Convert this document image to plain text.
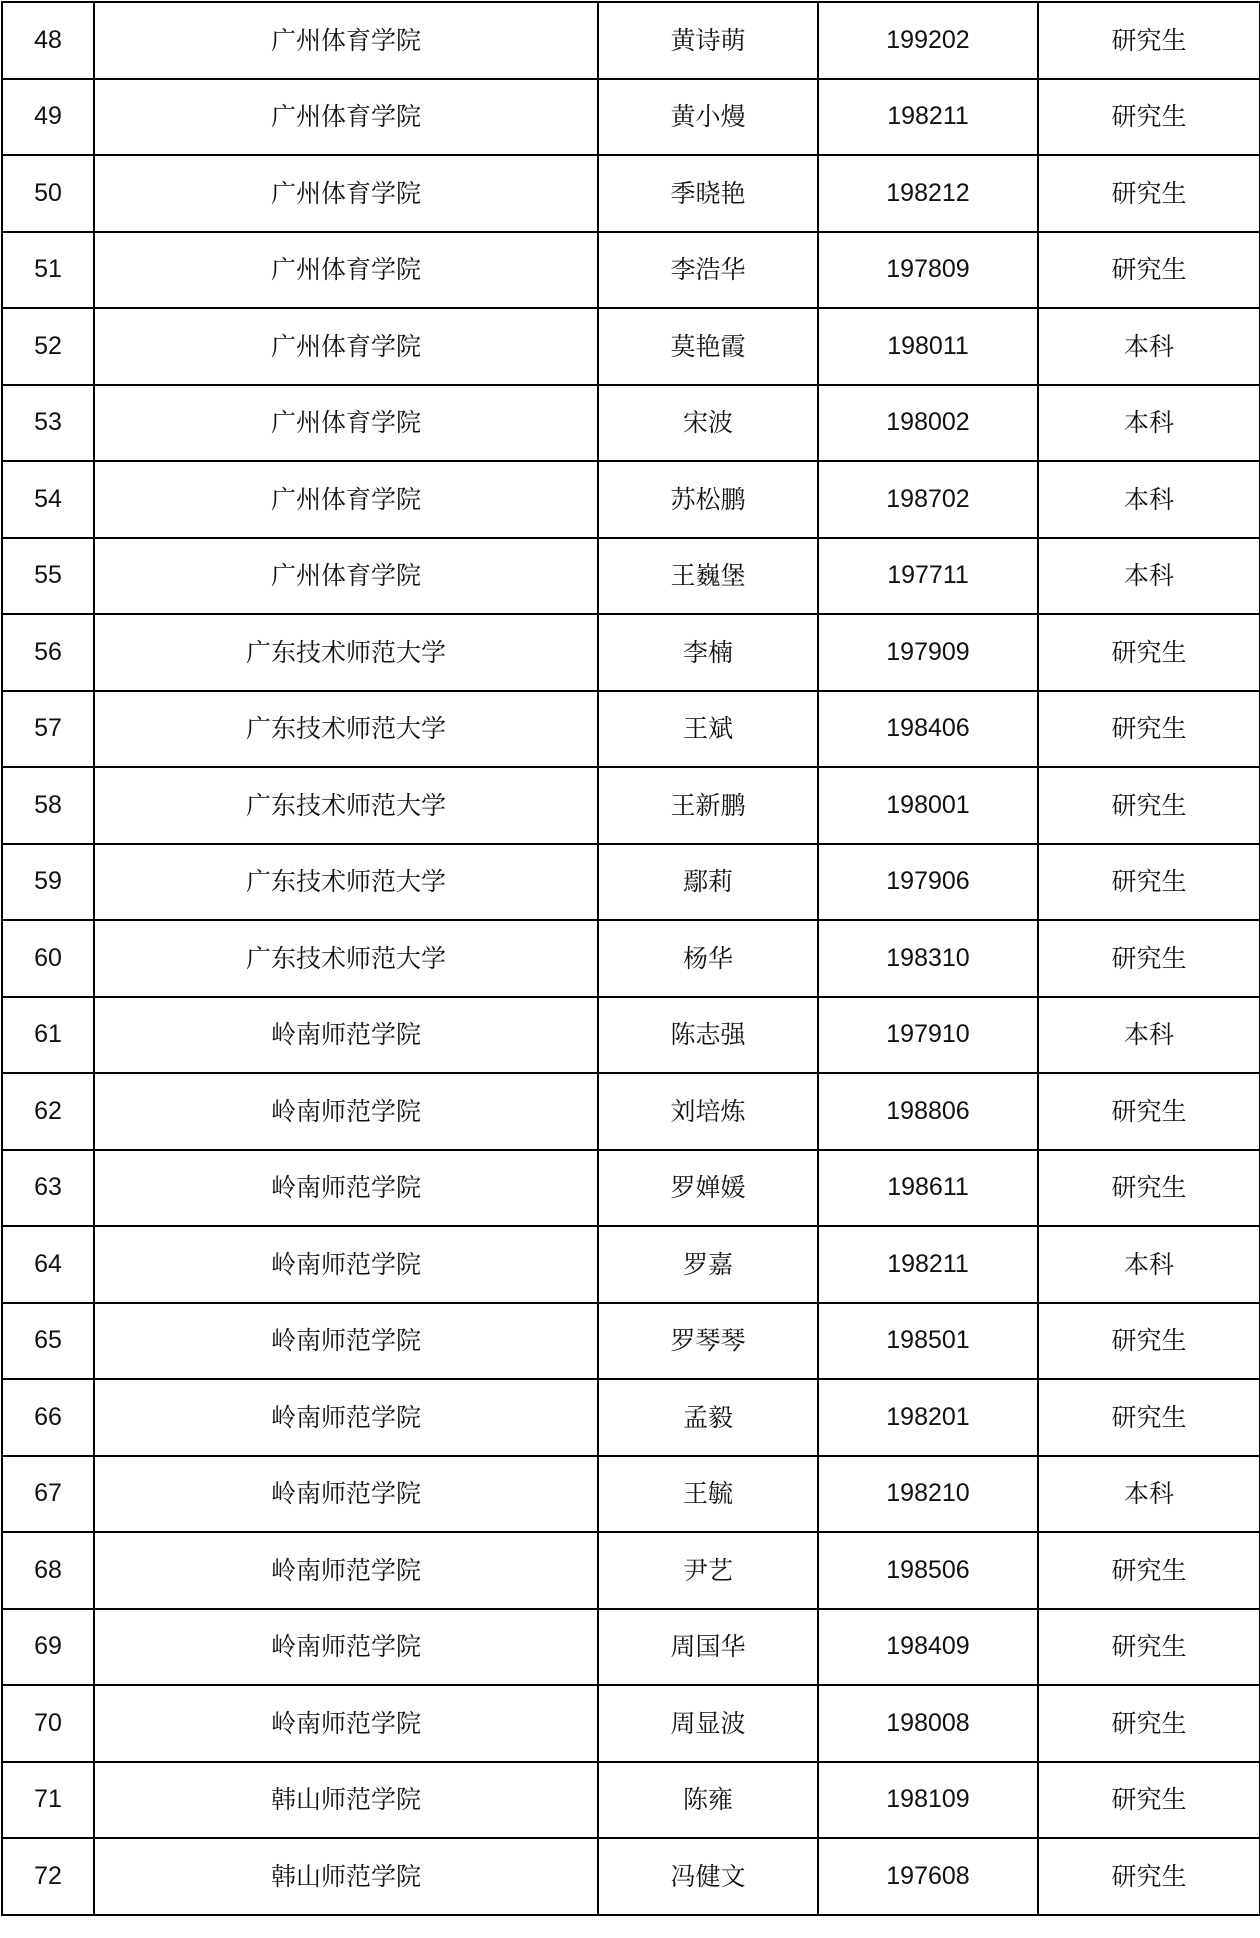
48	广州体育学院	黄诗萌	199202	研究生
49	广州体育学院	黄小熳	198211	研究生
50	广州体育学院	季晓艳	198212	研究生
51	广州体育学院	李浩华	197809	研究生
52	广州体育学院	莫艳霞	198011	本科
53	广州体育学院	宋波	198002	本科
54	广州体育学院	苏松鹏	198702	本科
55	广州体育学院	王巍堡	197711	本科
56	广东技术师范大学	李楠	197909	研究生
57	广东技术师范大学	王斌	198406	研究生
58	广东技术师范大学	王新鹏	198001	研究生
59	广东技术师范大学	鄢莉	197906	研究生
60	广东技术师范大学	杨华	198310	研究生
61	岭南师范学院	陈志强	197910	本科
62	岭南师范学院	刘培炼	198806	研究生
63	岭南师范学院	罗婵媛	198611	研究生
64	岭南师范学院	罗嘉	198211	本科
65	岭南师范学院	罗琴琴	198501	研究生
66	岭南师范学院	孟毅	198201	研究生
67	岭南师范学院	王毓	198210	本科
68	岭南师范学院	尹艺	198506	研究生
69	岭南师范学院	周国华	198409	研究生
70	岭南师范学院	周显波	198008	研究生
71	韩山师范学院	陈雍	198109	研究生
72	韩山师范学院	冯健文	197608	研究生
